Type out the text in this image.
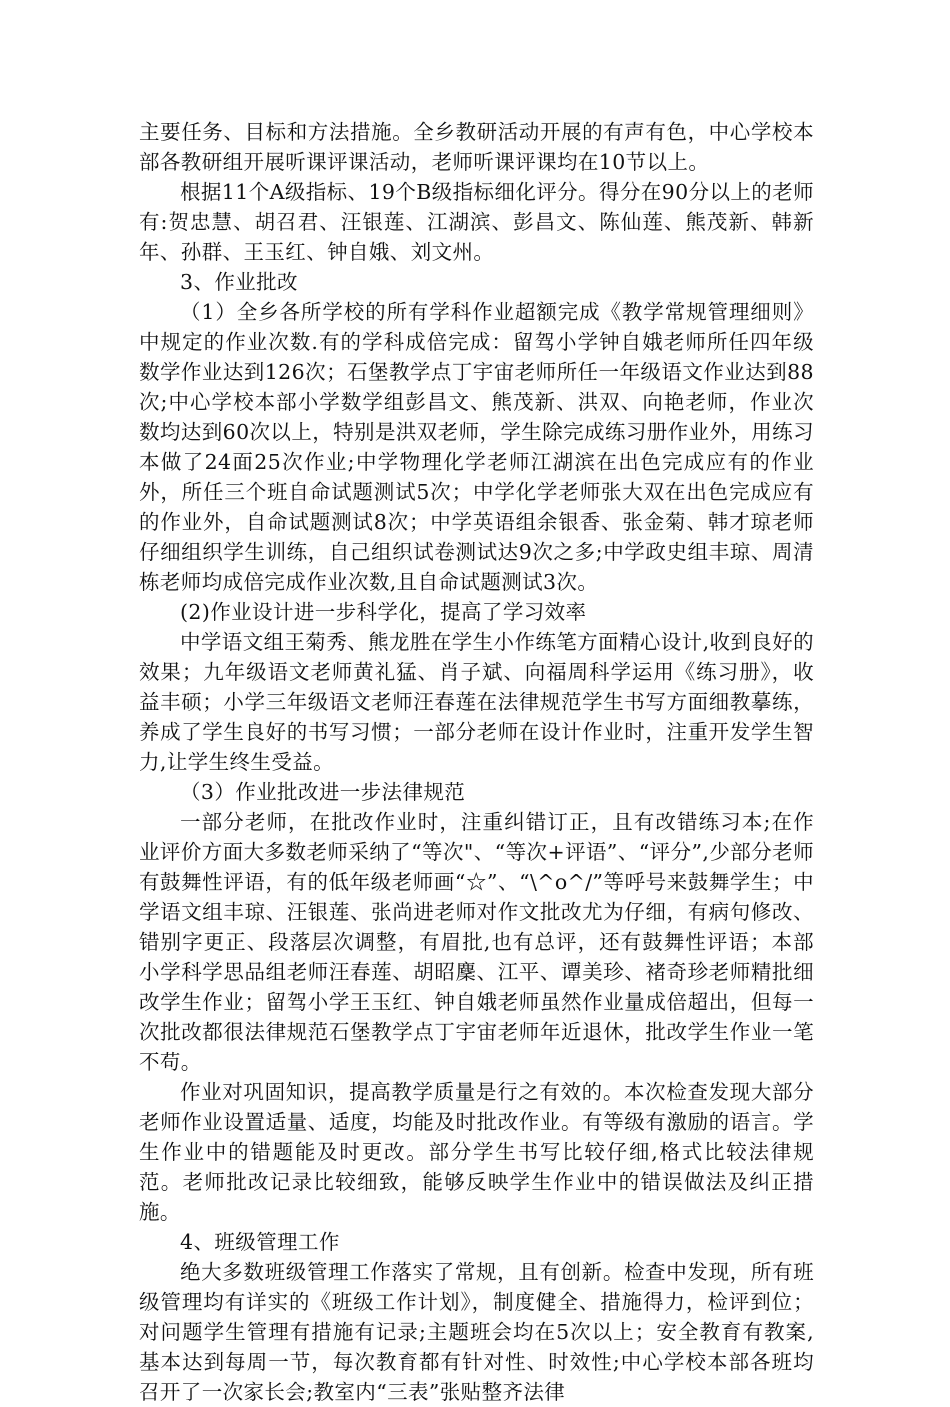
主要任务、目标和方法措施。全乡教研活动开展的有声有色，中心学校本部各教研组开展听课评课活动，老师听课评课均在10节以上。

根据11个A级指标、19个B级指标细化评分。得分在90分以上的老师有:贺忠慧、胡召君、汪银莲、江湖滨、彭昌文、陈仙莲、熊茂新、韩新年、孙群、王玉红、钟自娥、刘文州。

3、作业批改

（1）全乡各所学校的所有学科作业超额完成《教学常规管理细则》中规定的作业次数.有的学科成倍完成：留驾小学钟自娥老师所任四年级数学作业达到126次；石堡教学点丁宇宙老师所任一年级语文作业达到88次;中心学校本部小学数学组彭昌文、熊茂新、洪双、向艳老师，作业次数均达到60次以上，特别是洪双老师，学生除完成练习册作业外，用练习本做了24面25次作业;中学物理化学老师江湖滨在出色完成应有的作业外，所任三个班自命试题测试5次；中学化学老师张大双在出色完成应有的作业外，自命试题测试8次；中学英语组余银香、张金菊、韩才琼老师仔细组织学生训练，自己组织试卷测试达9次之多;中学政史组丰琼、周清栋老师均成倍完成作业次数,且自命试题测试3次。

(2)作业设计进一步科学化，提高了学习效率

中学语文组王菊秀、熊龙胜在学生小作练笔方面精心设计,收到良好的效果；九年级语文老师黄礼猛、肖子斌、向福周科学运用《练习册》，收益丰硕；小学三年级语文老师汪春莲在法律规范学生书写方面细教摹练，养成了学生良好的书写习惯；一部分老师在设计作业时，注重开发学生智力,让学生终生受益。

（3）作业批改进一步法律规范

一部分老师，在批改作业时，注重纠错订正，且有改错练习本;在作业评价方面大多数老师采纳了“等次"、“等次+评语”、“评分”,少部分老师有鼓舞性评语，有的低年级老师画“☆”、“\^o^/”等呼号来鼓舞学生；中学语文组丰琼、汪银莲、张尚进老师对作文批改尤为仔细，有病句修改、错别字更正、段落层次调整，有眉批,也有总评，还有鼓舞性评语；本部小学科学思品组老师汪春莲、胡昭麇、江平、谭美珍、褚奇珍老师精批细改学生作业；留驾小学王玉红、钟自娥老师虽然作业量成倍超出，但每一次批改都很法律规范石堡教学点丁宇宙老师年近退休，批改学生作业一笔不苟。

作业对巩固知识，提高教学质量是行之有效的。本次检查发现大部分老师作业设置适量、适度，均能及时批改作业。有等级有激励的语言。学生作业中的错题能及时更改。部分学生书写比较仔细,格式比较法律规范。老师批改记录比较细致，能够反映学生作业中的错误做法及纠正措施。

4、班级管理工作

绝大多数班级管理工作落实了常规，且有创新。检查中发现，所有班级管理均有详实的《班级工作计划》，制度健全、措施得力，检评到位；对问题学生管理有措施有记录;主题班会均在5次以上；安全教育有教案,基本达到每周一节，每次教育都有针对性、时效性;中心学校本部各班均召开了一次家长会;教室内“三表”张贴整齐法律
